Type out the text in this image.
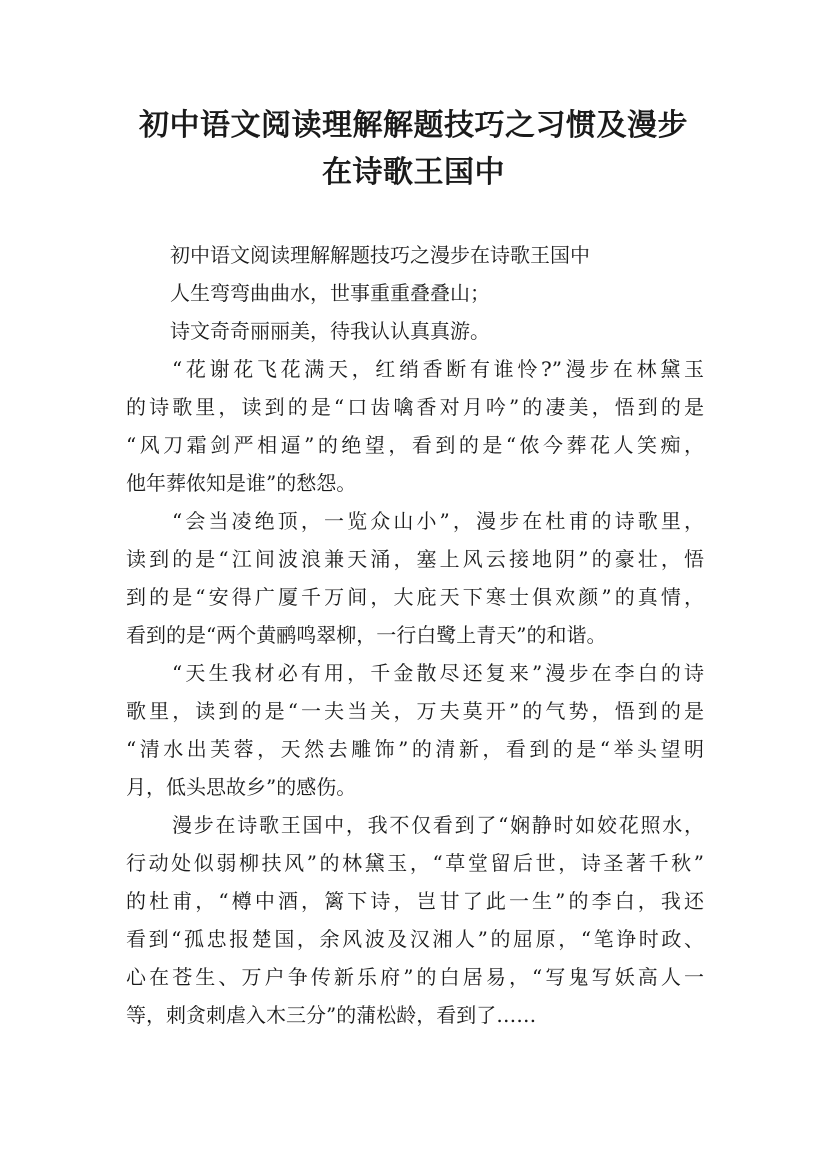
初中语文阅读理解解题技巧之习惯及漫步
在诗歌王国中
初中语文阅读理解解题技巧之漫步在诗歌王国中
人生弯弯曲曲水，世事重重叠叠山；
诗文奇奇丽丽美，待我认认真真游。
“花谢花飞花满天，红绡香断有谁怜?”漫步在林黛玉
的诗歌里，读到的是“口齿噙香对月吟”的凄美，悟到的是
“风刀霜剑严相逼”的绝望，看到的是“侬今葬花人笑痴，
他年葬侬知是谁”的愁怨。
“会当凌绝顶，一览众山小”，漫步在杜甫的诗歌里，
读到的是“江间波浪兼天涌，塞上风云接地阴”的豪壮，悟
到的是“安得广厦千万间，大庇天下寒士俱欢颜”的真情，
看到的是“两个黄鹂鸣翠柳，一行白鹭上青天”的和谐。
“天生我材必有用，千金散尽还复来”漫步在李白的诗
歌里，读到的是“一夫当关，万夫莫开”的气势，悟到的是
“清水出芙蓉，天然去雕饰”的清新，看到的是“举头望明
月，低头思故乡”的感伤。
漫步在诗歌王国中，我不仅看到了“娴静时如姣花照水，
行动处似弱柳扶风”的林黛玉，“草堂留后世，诗圣著千秋”
的杜甫，“樽中酒，篱下诗，岂甘了此一生”的李白，我还
看到“孤忠报楚国，余风波及汉湘人”的屈原，“笔诤时政、
心在苍生、万户争传新乐府”的白居易，“写鬼写妖高人一
等，刺贪刺虐入木三分”的蒲松龄，看到了……
